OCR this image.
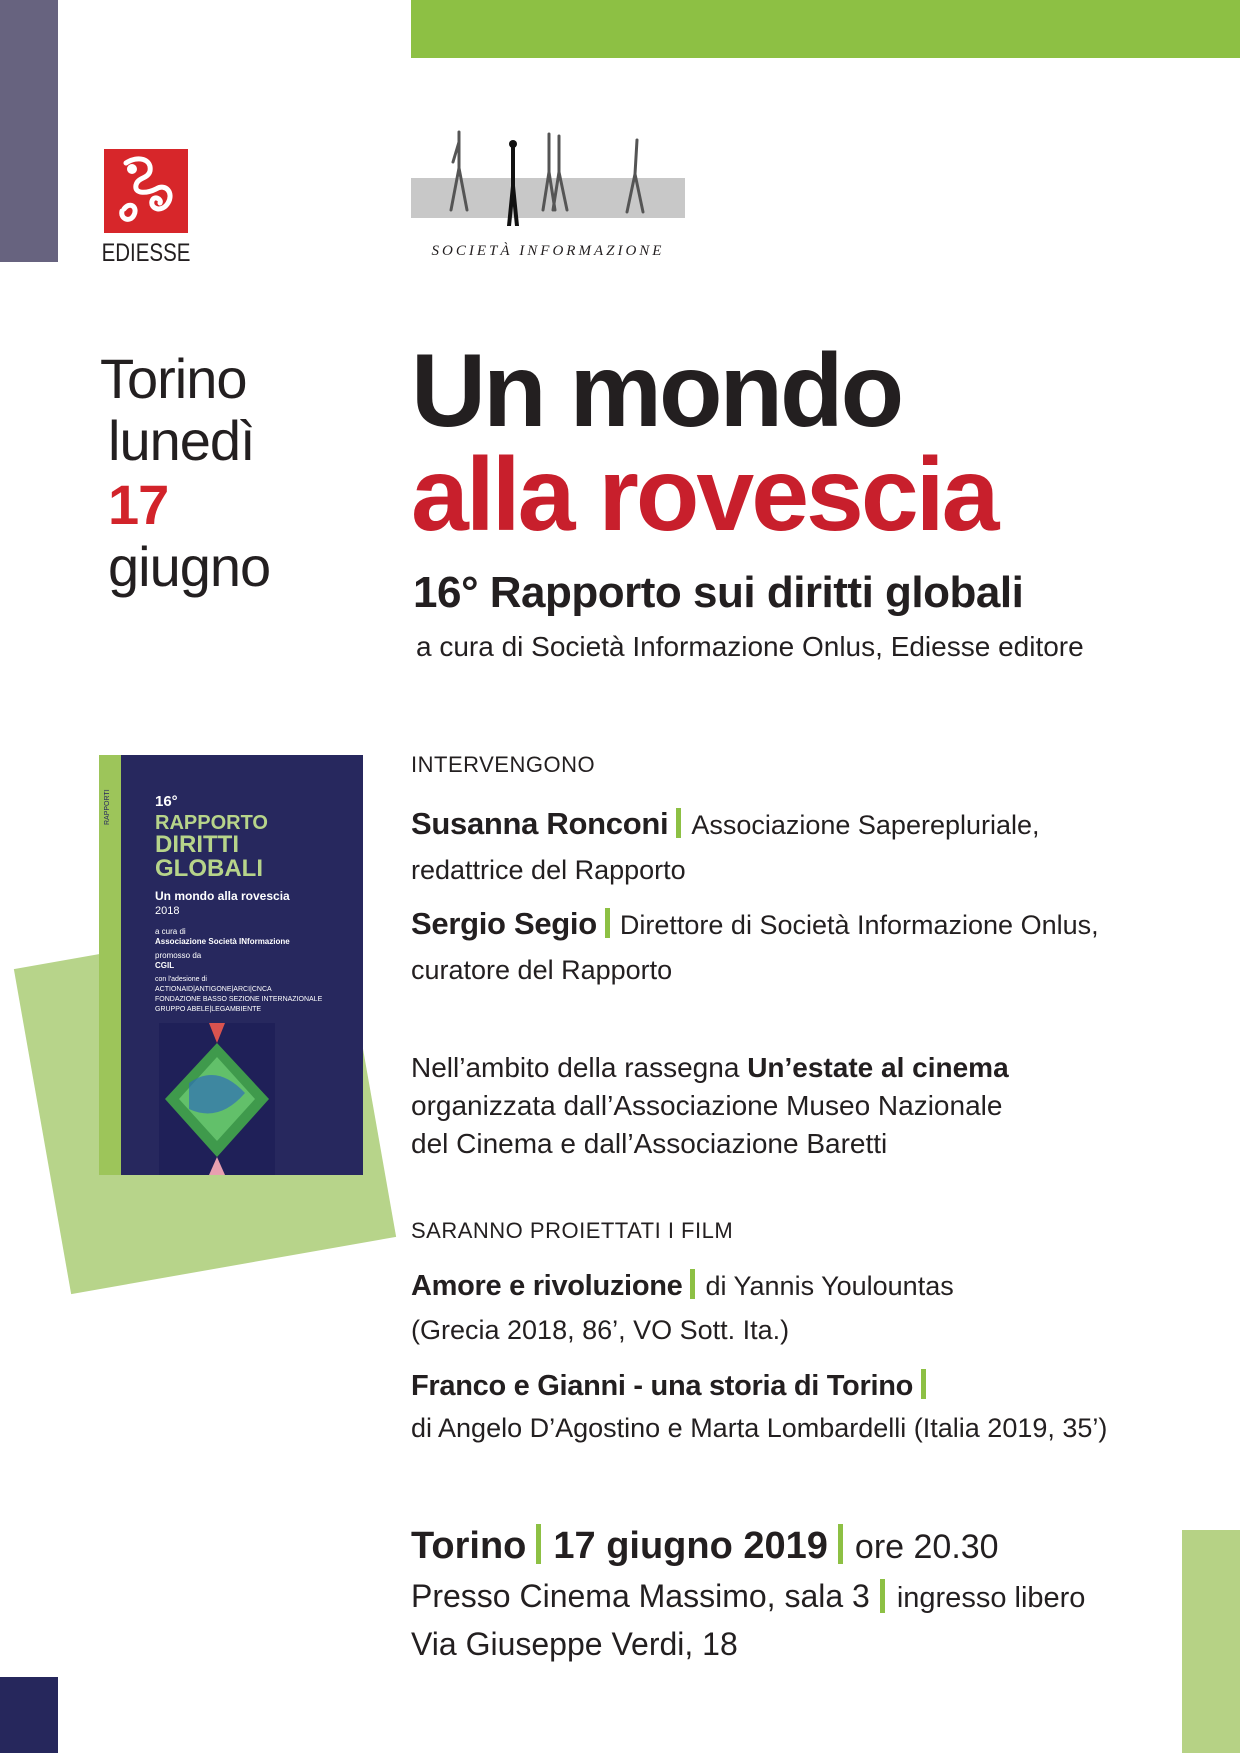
EDIESSE	SOCIETÀ INFORMAZIONE
Torino
lunedì
17
giugno
Un mondo
alla rovescia
16° Rapporto sui diritti globali
a cura di Società Informazione Onlus, Ediesse editore
RAPPORTI	16°
RAPPORTO
DIRITTI
GLOBALI
Un mondo alla rovescia
2018
a cura di
Associazione Società INformazione
promosso da
CGIL
con l'adesione di
ACTIONAID|ANTIGONE|ARCI|CNCA
FONDAZIONE BASSO SEZIONE INTERNAZIONALE
GRUPPO ABELE|LEGAMBIENTE
INTERVENGONO
Susanna Ronconi Associazione Saperepluriale,
redattrice del Rapporto
Sergio Segio Direttore di Società Informazione Onlus,
curatore del Rapporto
Nell’ambito della rassegna Un’estate al cinema
organizzata dall’Associazione Museo Nazionale
del Cinema e dall’Associazione Baretti
SARANNO PROIETTATI I FILM
Amore e rivoluzione di Yannis Youlountas
(Grecia 2018, 86’, VO Sott. Ita.)
Franco e Gianni - una storia di Torino
di Angelo D’Agostino e Marta Lombardelli (Italia 2019, 35’)
Torino 17 giugno 2019 ore 20.30
Presso Cinema Massimo, sala 3 ingresso libero
Via Giuseppe Verdi, 18
